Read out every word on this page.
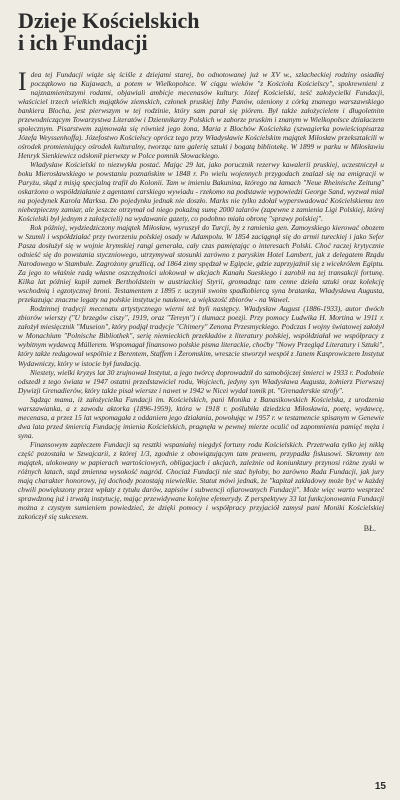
Dzieje Kościelskich
i ich Fundacji

I dea tej Fundacji wiąże się ściśle z dziejami starej, bo odnotowanej już w XV w., szlacheckiej rodziny osiadłej początkowo na Kujawach, a potem w Wielkopolsce. W ciągu wieków "z Kościoła Kościelscy", spokrewnieni z najznamienitszymi rodami, objawiali ambicje mecenasów kultury. Józef Kościelski, teść założycielki Fundacji, właściciel trzech wielkich majątków ziemskich, członek pruskiej Izby Panów, ożeniony z córką znanego warszawskiego bankiera Blocha, jest pierwszym w tej rodzinie, który sam parał się piórem. Był także założycielem i długoletnim przewodniczącym Towarzystwa Literatów i Dziennikarzy Polskich w zaborze pruskim i znanym w Wielkopolsce działaczem społecznym. Pisarstwem zajmowała się również jego żona, Maria z Blochów Kościelska (szwagierka powieściopisarza Józefa Weyssenhoffa). Józefostwo Kościelscy oprócz tego przy Władysławie Kościelskim majątek Miłosław przekształcili w ośrodek promieniujący ośrodek kulturalny, tworząc tam galerię sztuki i bogatą bibliotekę. W 1899 w parku w Miłosławiu Henryk Sienkiewicz odsłonił pierwszy w Polce pomnik Słowackiego.

Władysław Kościelski to niezwykła postać. Mając 29 lat, jako porucznik rezerwy kawalerii pruskiej, uczestniczył u boku Mierosławskiego w powstaniu poznańskim w 1848 r. Po wielu wojennych przygodach znalazł się na emigracji w Paryżu, skąd z misją specjalną trafił do Kolonii. Tam w imieniu Bakunina, którego na łamach "Neue Rheinische Zeitung" oskarżono o współdziałanie z agentami carskiego wywiadu - rzekomo na podstawie wypowiedzi George Sand, wyzwał mial na pojedynek Karola Marksa. Do pojedynku jednak nie doszło. Marks nie tylko zdołał wyperswadować Kościelskiemu ten niebezpieczny zamiar, ale jeszcze otrzymał od niego pokaźną sumę 2000 talarów (zapewne z zamienia Ligi Polskiej, której Kościelski był jednym z założycieli) na wydawanie gazety, co podobno miała obronę "sprawy polskiej".

Rok później, wydziedziczony majątek Miłosław, wyruszył do Turcji, by z ramienia gen. Zamoyskiego kierować obozem w Szumli i współdziałać przy tworzeniu polskiej osady w Adampolu. W 1854 zaciągnął się do armii tureckiej i jako Sefer Pasza dosłużył się w wojnie krymskiej rangi generała, cały czas pamiętając o interesach Polski. Choć raczej krytycznie odnieść się do powstania styczniowego, utrzymywał stosunki zarówno z paryskim Hotel Lambert, jak z delegatem Rządu Narodowego w Stambule. Zagrożony gruźlicą, od 1864 zimy spędzał w Egipcie, gdzie zaprzyjaźnił się z wicekrólem Egiptu. Za jego to właśnie radą własne oszczędności ulokował w akcjach Kanału Sueskiego i zarobił na tej transakcji fortunę. Kilka lat później kupił zamek Bertholdstein w austriackiej Styrii, gromadząc tam cenne dzieła sztuki oraz kolekcję wschodnią i egzotycznej broni. Testamentem z 1895 r. uczynił swoim spadkobiercą syna bratanka, Władysława Augusta, przekazując znaczne legaty na polskie instytucje naukowe, a większość zbiorów - na Wawel.

Rodzinnej tradycji mecenatu artystycznego wierni też byli następcy. Władysław August (1886-1933), autor dwóch zbiorów wierszy ("U brzegów ciszy", 1919, oraz "Tereyn") i tłumacz poezji. Przy pomocy Ludwika H. Mortina w 1911 r. założył miesięcznik "Museion", który podjął tradycje "Chimery" Zenona Przesmyckiego. Podczas I wojny światowej założył w Monachium "Polnische Bibliothek", serię niemieckich przekładów z literatury polskiej, współdziałał we współpracy z wybitnym wydawcą Müllerem. Wspomagał finansowo polskie pisma literackie, choćby "Nowy Przegląd Literatury i Sztuki", który także redagował wspólnie z Berentem, Staffem i Żeromskim, wreszcie stworzył wespół z Janem Kasprowiczem Instytut Wydawniczy, który w istocie był fundacją.

Niestety, wielki kryzys lat 30 zrujnował Instytut, a jego twórcę doprowadził do samobójczej śmierci w 1933 r. Podobnie odszedł z tego świata w 1947 ostatni przedstawiciel rodu, Wojciech, jedyny syn Władysława Augusta, żołnierz Pierwszej Dywizji Grenadierów, który także pisał wiersze i nawet w 1942 w Nicei wydał tomik pt. "Grenaderskie strofy".

Sądząc mama, iż założycielka Fundacji im. Kościelskich, pani Monika z Banasikowskich Kościelska, z urodzenia warszawianka, a z zawodu aktorka (1896-1959), która w 1918 r. poślubiła dziedzica Miłosławia, poetę, wydawcę, mecenasa, a przez 15 lat wspomagała z oddaniem jego działania, powołując w 1957 r. w testamencie spisanym w Genewie dwa lata przed śmiercią Fundację imienia Kościelskich, pragnęła w pewnej mierze ocalić od zapomnienia pamięć męża i syna.

Finansowym zapleczem Fundacji są resztki wspaniałej niegdyś fortuny rodu Kościelskich. Przetrwała tylko jej niklą część pozostała w Szwajcarii, z której 1/3, zgodnie z obowiązującym tam prawem, przypadła fiskusowi. Skromny ten majątek, ulokowany w papierach wartościowych, obligacjach i akcjach, zależnie od koniunktury przynosi różne zyski w różnych latach, stąd zmienna wysokość nagród. Chociaż Fundacji nie stać byłoby, bo zarówno Rada Fundacji, jak jury mają charakter honorowy, jej dochody pozostają niewielkie. Statut mówi jednak, że "kapitał zakładowy może być w każdej chwili powiększony przez wpłaty z tytułu darów, zapisów i subwencji ofiarowanych Fundacji". Może więc warto wesprzeć sprawdzoną już i trwałą instytucję, mając przewidywane kolejne efemerydy. Z perspektywy 33 lat funkcjonowania Fundacji można z czystym sumieniem powiedzieć, że dzięki pomocy i współpracy przyjaciół zamysł pani Moniki Kościelskiej zakończył się sukcesem.

BŁ.
15
